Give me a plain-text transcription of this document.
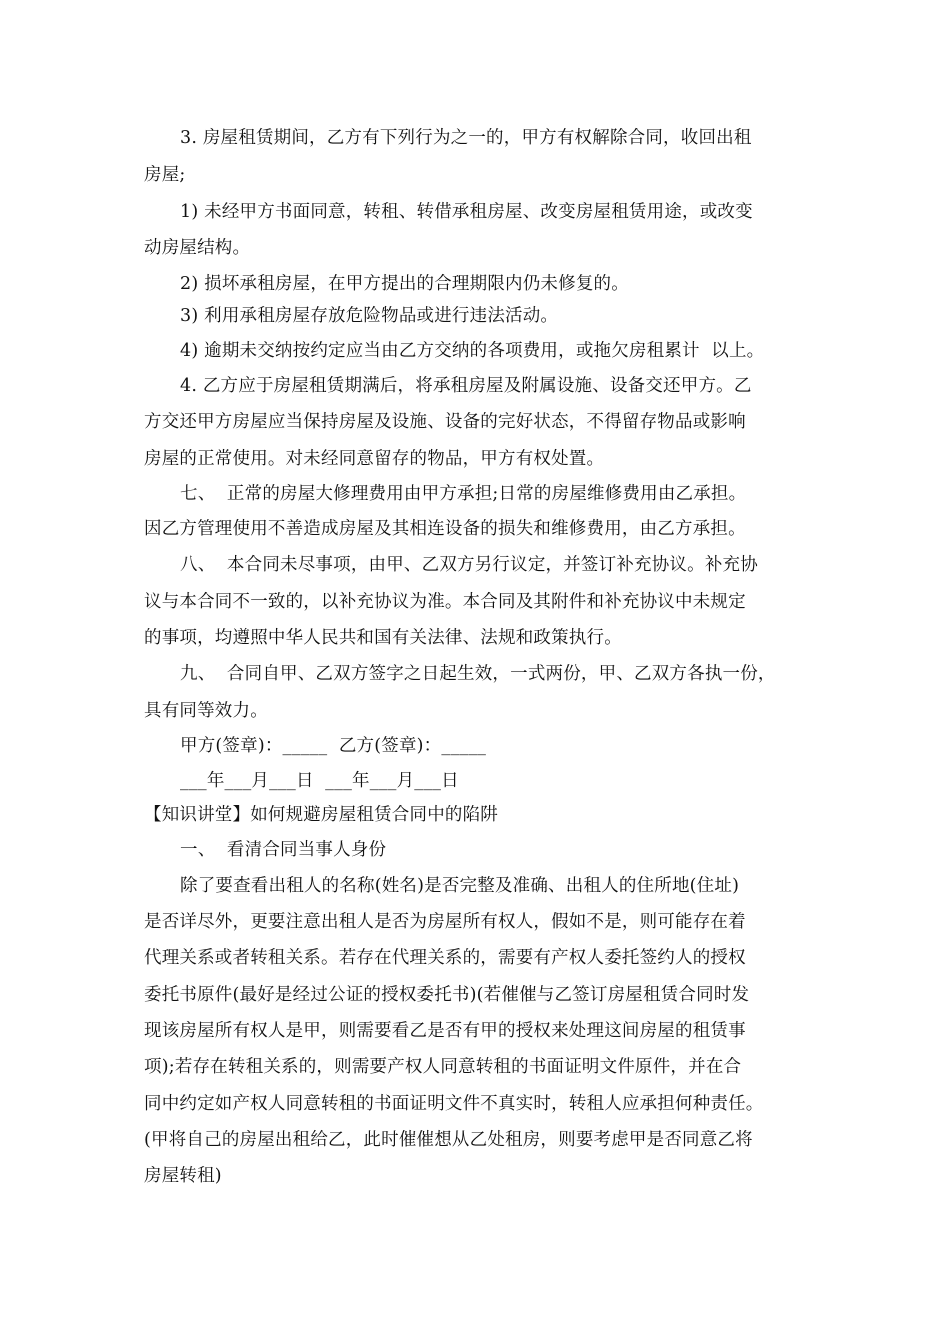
3. 房屋租赁期间，乙方有下列行为之一的，甲方有权解除合同，收回出租
房屋;
1) 未经甲方书面同意，转租、转借承租房屋、改变房屋租赁用途，或改变
动房屋结构。
2) 损坏承租房屋，在甲方提出的合理期限内仍未修复的。
3) 利用承租房屋存放危险物品或进行违法活动。
4) 逾期未交纳按约定应当由乙方交纳的各项费用，或拖欠房租累计  以上。
4. 乙方应于房屋租赁期满后，将承租房屋及附属设施、设备交还甲方。乙
方交还甲方房屋应当保持房屋及设施、设备的完好状态，不得留存物品或影响
房屋的正常使用。对未经同意留存的物品，甲方有权处置。
七、  正常的房屋大修理费用由甲方承担;日常的房屋维修费用由乙承担。
因乙方管理使用不善造成房屋及其相连设备的损失和维修费用，由乙方承担。
八、  本合同未尽事项，由甲、乙双方另行议定，并签订补充协议。补充协
议与本合同不一致的，以补充协议为准。本合同及其附件和补充协议中未规定
的事项，均遵照中华人民共和国有关法律、法规和政策执行。
九、  合同自甲、乙双方签字之日起生效，一式两份，甲、乙双方各执一份，
具有同等效力。
甲方(签章)：_____  乙方(签章)：_____
___年___月___日  ___年___月___日
【知识讲堂】如何规避房屋租赁合同中的陷阱
一、  看清合同当事人身份
除了要查看出租人的名称(姓名)是否完整及准确、出租人的住所地(住址)
是否详尽外，更要注意出租人是否为房屋所有权人，假如不是，则可能存在着
代理关系或者转租关系。若存在代理关系的，需要有产权人委托签约人的授权
委托书原件(最好是经过公证的授权委托书)(若催催与乙签订房屋租赁合同时发
现该房屋所有权人是甲，则需要看乙是否有甲的授权来处理这间房屋的租赁事
项);若存在转租关系的，则需要产权人同意转租的书面证明文件原件，并在合
同中约定如产权人同意转租的书面证明文件不真实时，转租人应承担何种责任。
(甲将自己的房屋出租给乙，此时催催想从乙处租房，则要考虑甲是否同意乙将
房屋转租)
